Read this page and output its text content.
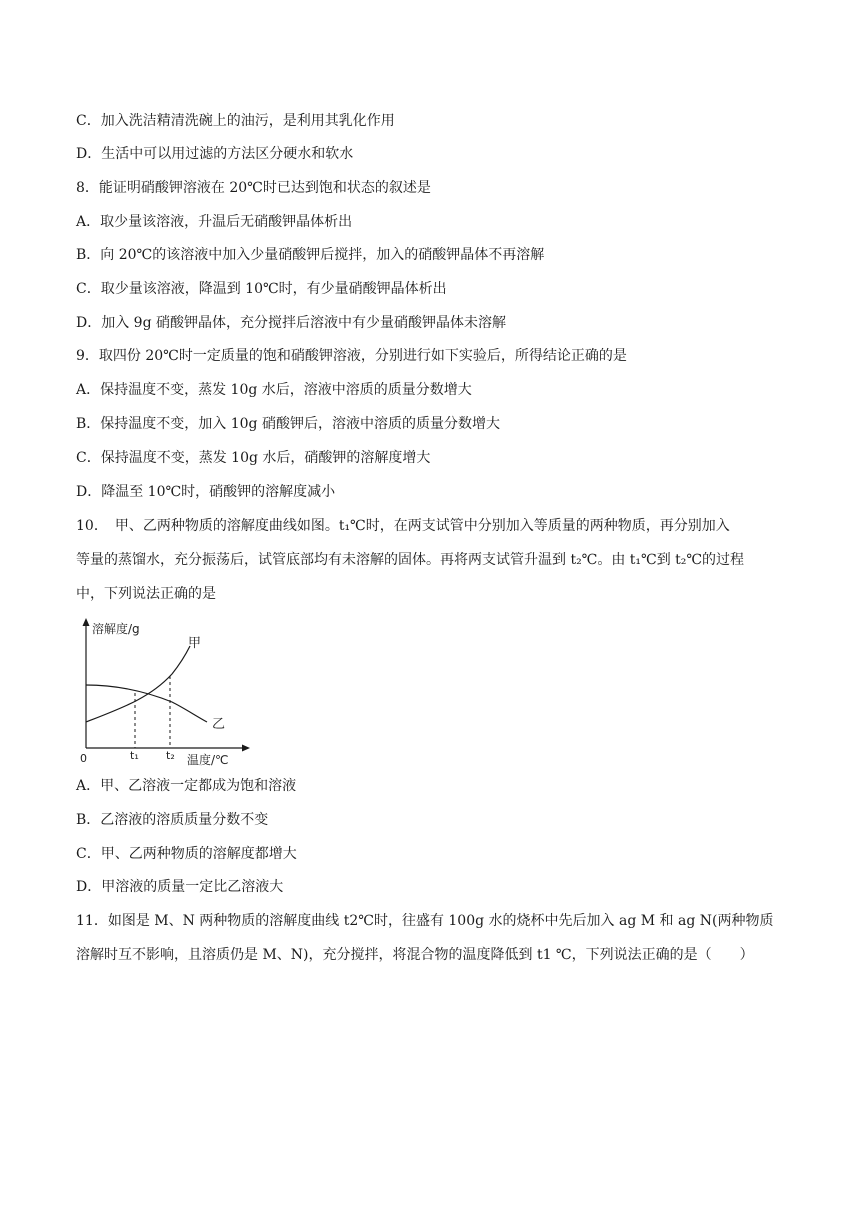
C．加入洗洁精清洗碗上的油污，是利用其乳化作用
D．生活中可以用过滤的方法区分硬水和软水
8．能证明硝酸钾溶液在 20℃时已达到饱和状态的叙述是
A．取少量该溶液，升温后无硝酸钾晶体析出
B．向 20℃的该溶液中加入少量硝酸钾后搅拌，加入的硝酸钾晶体不再溶解
C．取少量该溶液，降温到 10℃时，有少量硝酸钾晶体析出
D．加入 9g 硝酸钾晶体，充分搅拌后溶液中有少量硝酸钾晶体未溶解
9．取四份 20℃时一定质量的饱和硝酸钾溶液，分别进行如下实验后，所得结论正确的是
A．保持温度不变，蒸发 10g 水后，溶液中溶质的质量分数增大
B．保持温度不变，加入 10g 硝酸钾后，溶液中溶质的质量分数增大
C．保持温度不变，蒸发 10g 水后，硝酸钾的溶解度增大
D．降温至 10℃时，硝酸钾的溶解度减小
10．　甲、乙两种物质的溶解度曲线如图。t₁℃时，在两支试管中分别加入等质量的两种物质，再分别加入
等量的蒸馏水，充分振荡后，试管底部均有未溶解的固体。再将两支试管升温到 t₂℃。由 t₁℃到 t₂℃的过程
中，下列说法正确的是
溶解度/g
甲
乙
0	t₁ t₂ 温度/℃
A．甲、乙溶液一定都成为饱和溶液
B．乙溶液的溶质质量分数不变
C．甲、乙两种物质的溶解度都增大
D．甲溶液的质量一定比乙溶液大
11．如图是 M、N 两种物质的溶解度曲线 t2℃时，往盛有 100g 水的烧杯中先后加入 ag M 和 ag N(两种物质
溶解时互不影响，且溶质仍是 M、N)，充分搅拌，将混合物的温度降低到 t1 ℃，下列说法正确的是（　　）
